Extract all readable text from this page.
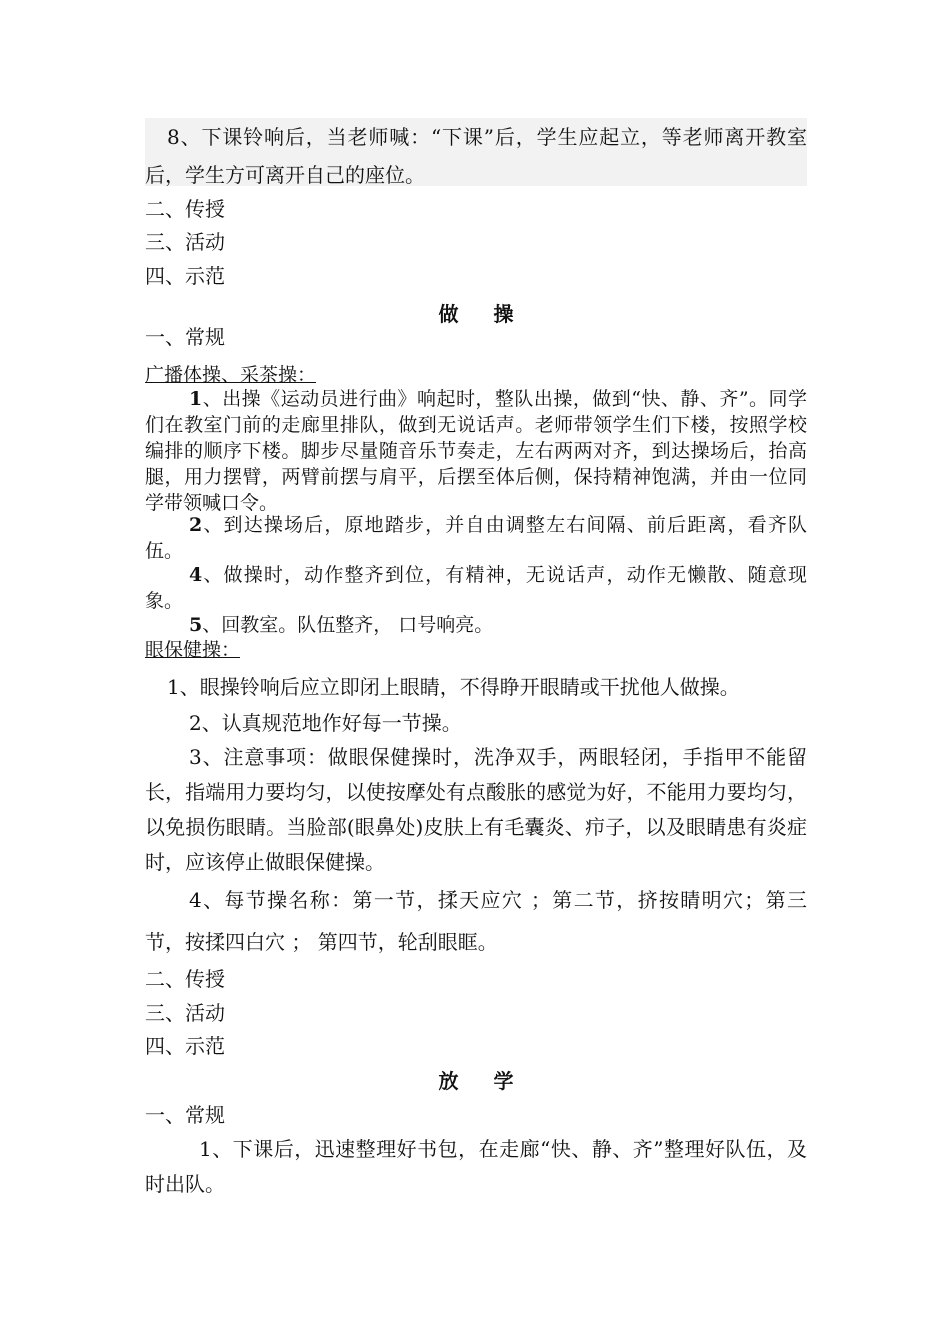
8、下课铃响后，当老师喊：“下课”后，学生应起立，等老师离开教室后，学生方可离开自己的座位。
二、传授
三、活动
四、示范
做 操
一、常规
广播体操、采茶操：
1、出操《运动员进行曲》响起时，整队出操，做到“快、静、齐”。同学们在教室门前的走廊里排队，做到无说话声。老师带领学生们下楼，按照学校编排的顺序下楼。脚步尽量随音乐节奏走，左右两两对齐，到达操场后，抬高腿，用力摆臂，两臂前摆与肩平，后摆至体后侧，保持精神饱满，并由一位同学带领喊口令。
2、到达操场后，原地踏步，并自由调整左右间隔、前后距离，看齐队伍。
4、做操时，动作整齐到位，有精神，无说话声，动作无懒散、随意现象。
5、回教室。队伍整齐， 口号响亮。
眼保健操：
1、眼操铃响后应立即闭上眼睛，不得睁开眼睛或干扰他人做操。
2、认真规范地作好每一节操。
3、注意事项：做眼保健操时，洗净双手，两眼轻闭，手指甲不能留长，指端用力要均匀，以使按摩处有点酸胀的感觉为好，不能用力要均匀，以免损伤眼睛。当脸部(眼鼻处)皮肤上有毛囊炎、疖子，以及眼睛患有炎症时，应该停止做眼保健操。
4、每节操名称：第一节，揉天应穴 ；第二节，挤按睛明穴；第三节，按揉四白穴 ； 第四节，轮刮眼眶。
二、传授
三、活动
四、示范
放 学
一、常规
1、下课后，迅速整理好书包，在走廊“快、静、齐”整理好队伍，及时出队。
